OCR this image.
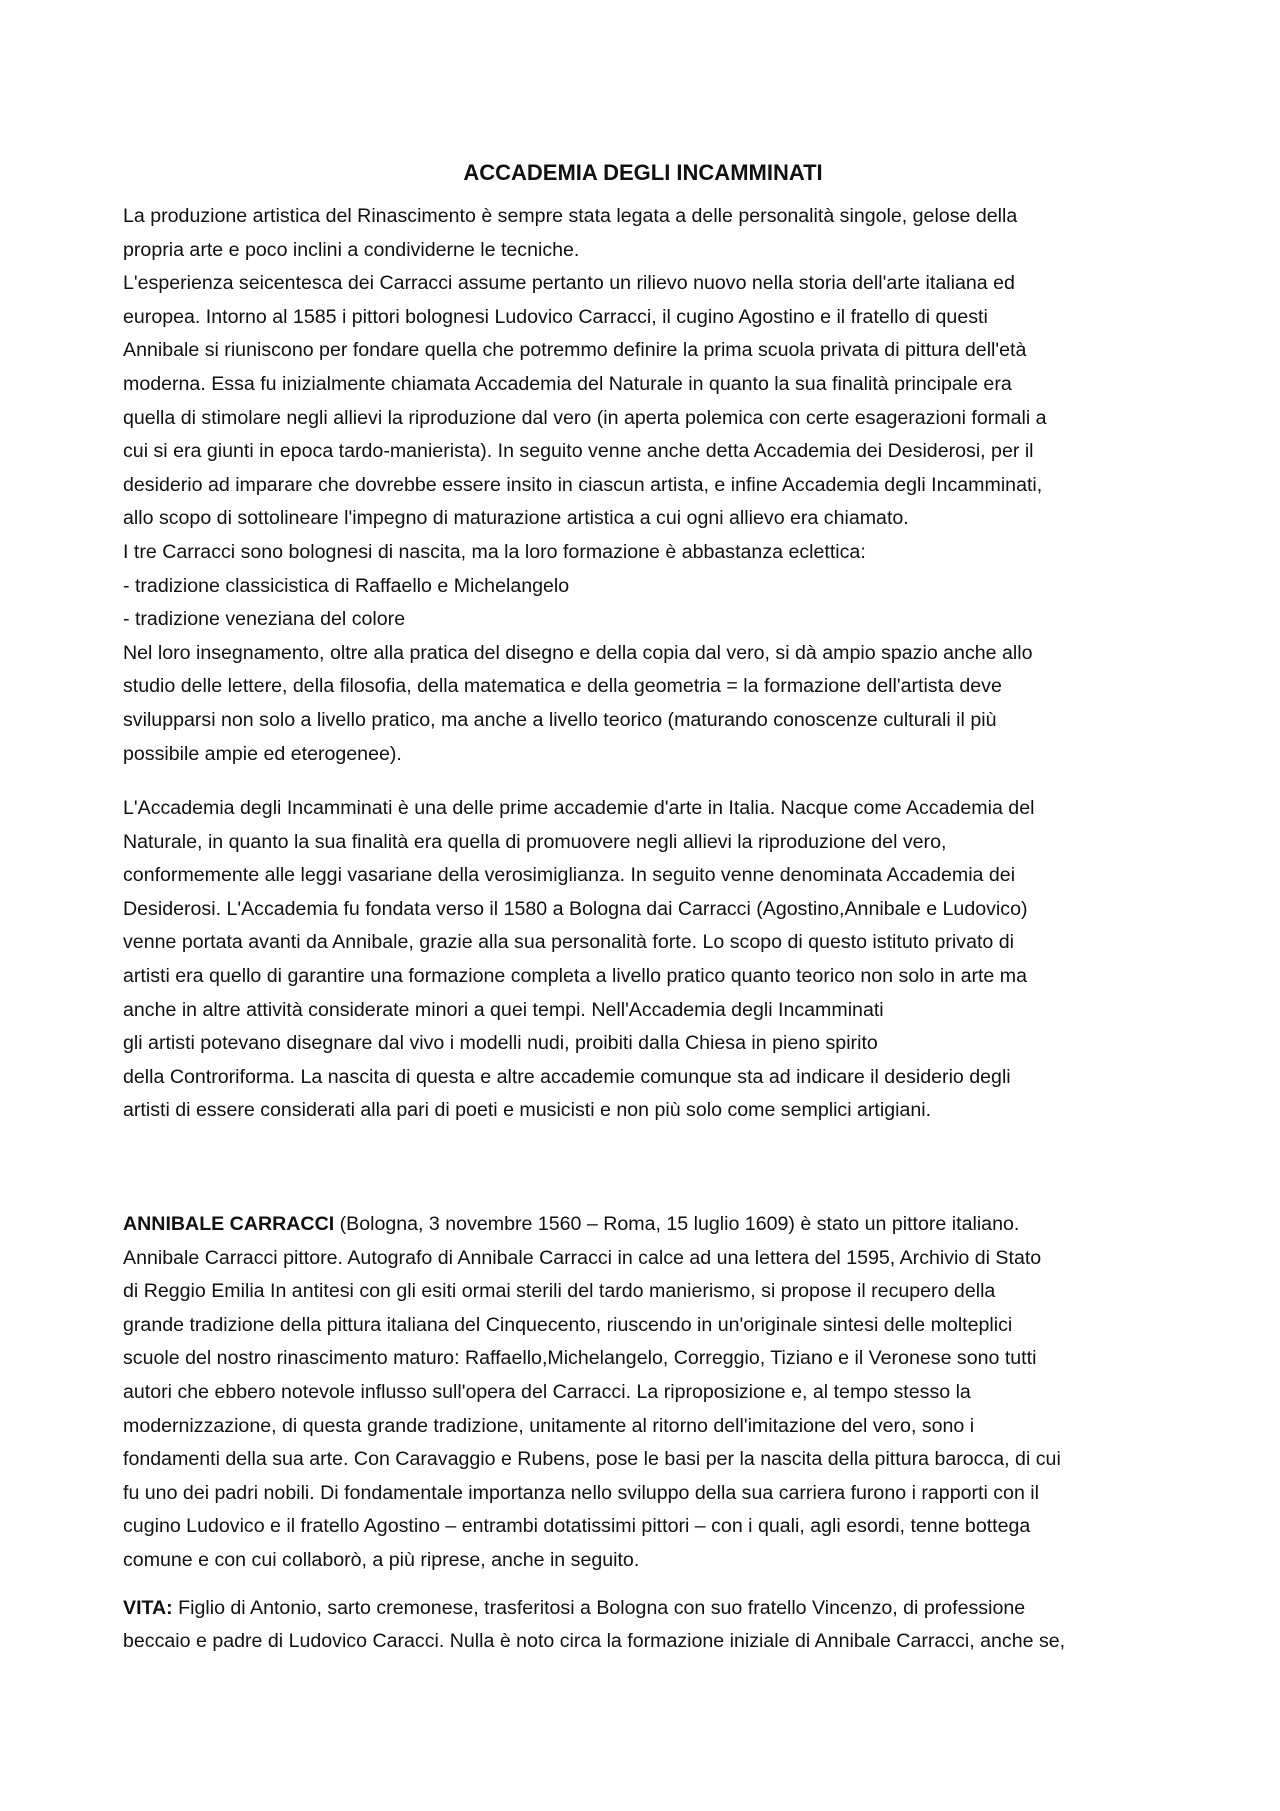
ACCADEMIA DEGLI INCAMMINATI

La produzione artistica del Rinascimento è sempre stata legata a delle personalità singole, gelose della

propria arte e poco inclini a condividerne le tecniche.

L'esperienza seicentesca dei Carracci assume pertanto un rilievo nuovo nella storia dell'arte italiana ed

europea. Intorno al 1585 i pittori bolognesi Ludovico Carracci, il cugino Agostino e il fratello di questi

Annibale si riuniscono per fondare quella che potremmo definire la prima scuola privata di pittura dell'età

moderna. Essa fu inizialmente chiamata Accademia del Naturale in quanto la sua finalità principale era

quella di stimolare negli allievi la riproduzione dal vero (in aperta polemica con certe esagerazioni formali a

cui si era giunti in epoca tardo-manierista). In seguito venne anche detta Accademia dei Desiderosi, per il

desiderio ad imparare che dovrebbe essere insito in ciascun artista, e infine Accademia degli Incamminati,

allo scopo di sottolineare l'impegno di maturazione artistica a cui ogni allievo era chiamato.

I tre Carracci sono bolognesi di nascita, ma la loro formazione è abbastanza eclettica:

- tradizione classicistica di Raffaello e Michelangelo

- tradizione veneziana del colore

Nel loro insegnamento, oltre alla pratica del disegno e della copia dal vero, si dà ampio spazio anche allo

studio delle lettere, della filosofia, della matematica e della geometria = la formazione dell'artista deve

svilupparsi non solo a livello pratico, ma anche a livello teorico (maturando conoscenze culturali il più

possibile ampie ed eterogenee).

L'Accademia degli Incamminati è una delle prime accademie d'arte in Italia. Nacque come Accademia del

Naturale, in quanto la sua finalità era quella di promuovere negli allievi la riproduzione del vero,

conformemente alle leggi vasariane della verosimiglianza. In seguito venne denominata Accademia dei

Desiderosi. L'Accademia fu fondata verso il 1580 a Bologna dai Carracci (Agostino,Annibale e Ludovico)

venne portata avanti da Annibale, grazie alla sua personalità forte. Lo scopo di questo istituto privato di

artisti era quello di garantire una formazione completa a livello pratico quanto teorico non solo in arte ma

anche in altre attività considerate minori a quei tempi. Nell'Accademia degli Incamminati

gli artisti potevano disegnare dal vivo i modelli nudi, proibiti dalla Chiesa in pieno spirito

della Controriforma. La nascita di questa e altre accademie comunque sta ad indicare il desiderio degli

artisti di essere considerati alla pari di poeti e musicisti e non più solo come semplici artigiani.

ANNIBALE CARRACCI (Bologna, 3 novembre 1560 – Roma, 15 luglio 1609) è stato un pittore italiano.

Annibale Carracci pittore. Autografo di Annibale Carracci in calce ad una lettera del 1595, Archivio di Stato

di Reggio Emilia In antitesi con gli esiti ormai sterili del tardo manierismo, si propose il recupero della

grande tradizione della pittura italiana del Cinquecento, riuscendo in un'originale sintesi delle molteplici

scuole del nostro rinascimento maturo: Raffaello,Michelangelo, Correggio, Tiziano e il Veronese sono tutti

autori che ebbero notevole influsso sull'opera del Carracci. La riproposizione e, al tempo stesso la

modernizzazione, di questa grande tradizione, unitamente al ritorno dell'imitazione del vero, sono i

fondamenti della sua arte. Con Caravaggio e Rubens, pose le basi per la nascita della pittura barocca, di cui

fu uno dei padri nobili. Di fondamentale importanza nello sviluppo della sua carriera furono i rapporti con il

cugino Ludovico e il fratello Agostino – entrambi dotatissimi pittori – con i quali, agli esordi, tenne bottega

comune e con cui collaborò, a più riprese, anche in seguito.

VITA: Figlio di Antonio, sarto cremonese, trasferitosi a Bologna con suo fratello Vincenzo, di professione

beccaio e padre di Ludovico Caracci. Nulla è noto circa la formazione iniziale di Annibale Carracci, anche se,
